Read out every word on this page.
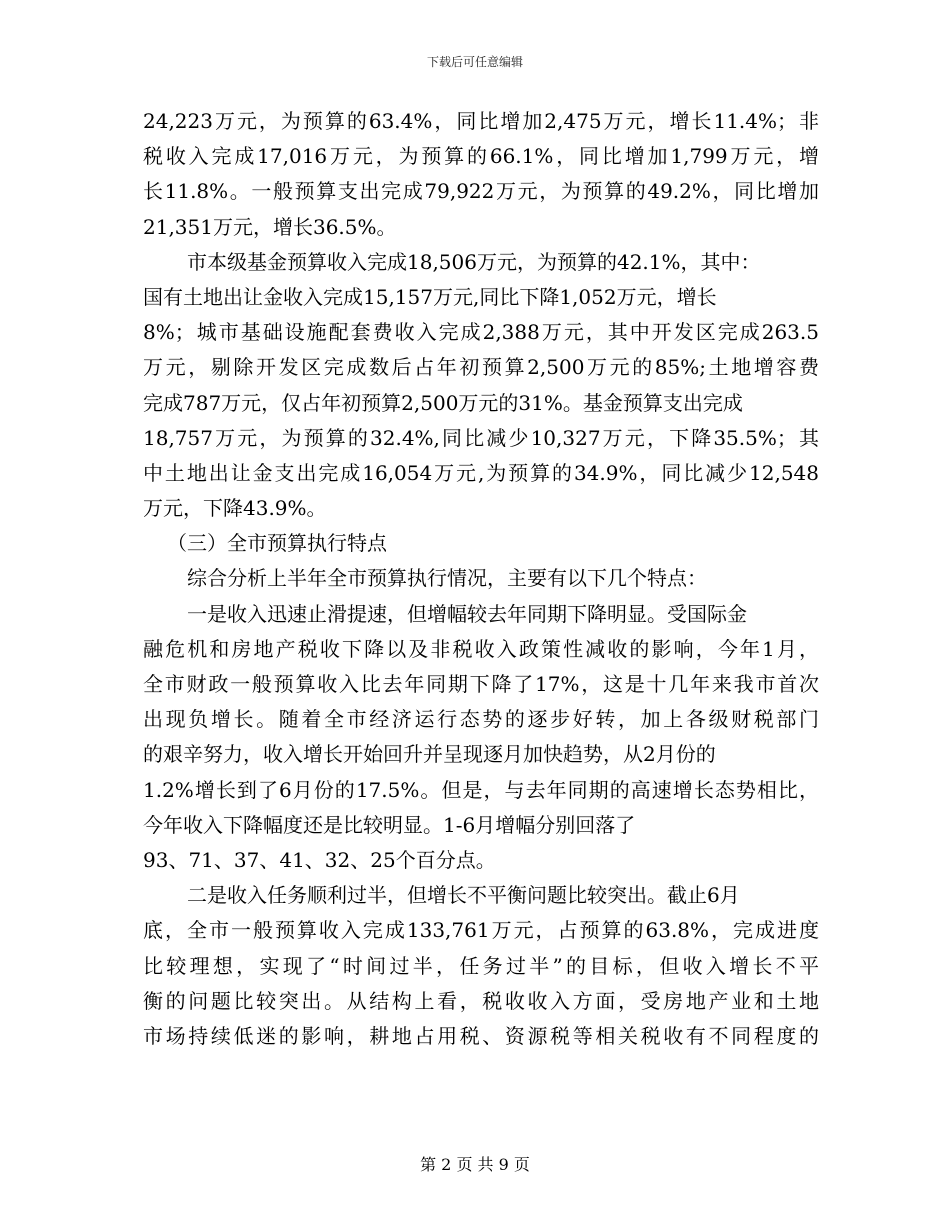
下载后可任意编辑
24,223万元，为预算的63.4%，同比增加2,475万元，增长11.4%；非
税收入完成17,016万元，为预算的66.1%，同比增加1,799万元，增
长11.8%。一般预算支出完成79,922万元，为预算的49.2%，同比增加
21,351万元，增长36.5%。
市本级基金预算收入完成18,506万元，为预算的42.1%，其中：
国有土地出让金收入完成15,157万元,同比下降1,052万元，增长
8%；城市基础设施配套费收入完成2,388万元，其中开发区完成263.5
万元，剔除开发区完成数后占年初预算2,500万元的85%;土地增容费
完成787万元，仅占年初预算2,500万元的31%。基金预算支出完成
18,757万元，为预算的32.4%,同比减少10,327万元，下降35.5%；其
中土地出让金支出完成16,054万元,为预算的34.9%，同比减少12,548
万元，下降43.9%。
（三）全市预算执行特点
综合分析上半年全市预算执行情况，主要有以下几个特点：
一是收入迅速止滑提速，但增幅较去年同期下降明显。受国际金
融危机和房地产税收下降以及非税收入政策性减收的影响，今年1月，
全市财政一般预算收入比去年同期下降了17%，这是十几年来我市首次
出现负增长。随着全市经济运行态势的逐步好转，加上各级财税部门
的艰辛努力，收入增长开始回升并呈现逐月加快趋势，从2月份的
1.2%增长到了6月份的17.5%。但是，与去年同期的高速增长态势相比，
今年收入下降幅度还是比较明显。1-6月增幅分别回落了
93、71、37、41、32、25个百分点。
二是收入任务顺利过半，但增长不平衡问题比较突出。截止6月
底，全市一般预算收入完成133,761万元，占预算的63.8%，完成进度
比较理想，实现了“时间过半，任务过半”的目标，但收入增长不平
衡的问题比较突出。从结构上看，税收收入方面，受房地产业和土地
市场持续低迷的影响，耕地占用税、资源税等相关税收有不同程度的
第 2 页 共 9 页
